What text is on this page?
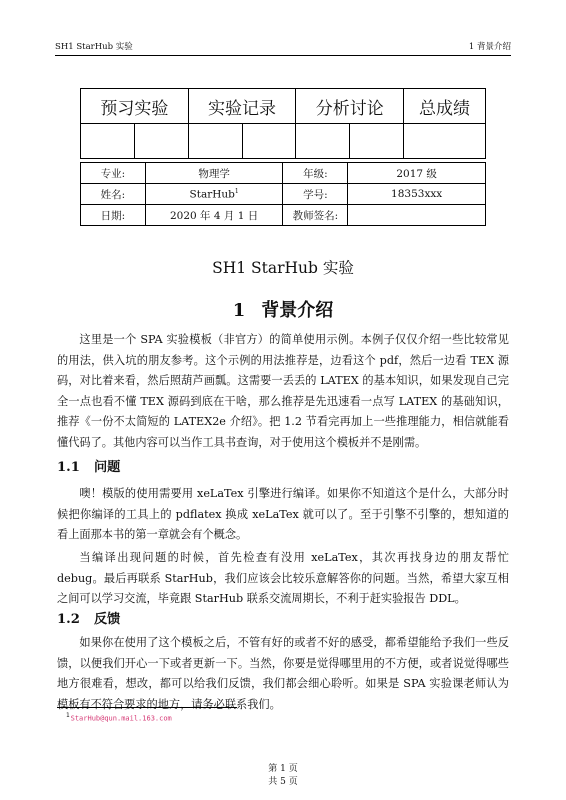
SH1 StarHub 实验	1 背景介绍
预习实验	实验记录	分析讨论	总成绩

专业:	物理学	年级:	2017 级
姓名:	StarHub$^1$	学号:	18353xxx
日期:	2020 年 4 月 1 日	教师签名:	
SH1 StarHub 实验
1 背景介绍
这里是一个 SPA 实验模板（非官方）的简单使用示例。本例子仅仅介绍一些比较常见的用法，供入坑的朋友参考。这个示例的用法推荐是，边看这个 pdf，然后一边看 TEX 源码，对比着来看，然后照葫芦画瓢。这需要一丢丢的 LATEX 的基本知识，如果发现自己完全一点也看不懂 TEX 源码到底在干啥，那么推荐是先迅速看一点写 LATEX 的基础知识，推荐《一份不太简短的 LATEX2e 介绍》。把 1.2 节看完再加上一些推理能力，相信就能看懂代码了。其他内容可以当作工具书查询，对于使用这个模板并不是刚需。
1.1 问题
噢！模版的使用需要用 xeLaTex 引擎进行编译。如果你不知道这个是什么，大部分时候把你编译的工具上的 pdflatex 换成 xeLaTex 就可以了。至于引擎不引擎的，想知道的看上面那本书的第一章就会有个概念。
当编译出现问题的时候，首先检查有没用 xeLaTex，其次再找身边的朋友帮忙 debug。最后再联系 StarHub，我们应该会比较乐意解答你的问题。当然，希望大家互相之间可以学习交流，毕竟跟 StarHub 联系交流周期长，不利于赶实验报告 DDL。
1.2 反馈
如果你在使用了这个模板之后，不管有好的或者不好的感受，都希望能给予我们一些反馈，以便我们开心一下或者更新一下。当然，你要是觉得哪里用的不方便，或者说觉得哪些地方很难看，想改，都可以给我们反馈，我们都会细心聆听。如果是 SPA 实验课老师认为模板有不符合要求的地方，请务必联系我们。
$^1$StarHub@qun.mail.163.com
第 1 页
共 5 页
